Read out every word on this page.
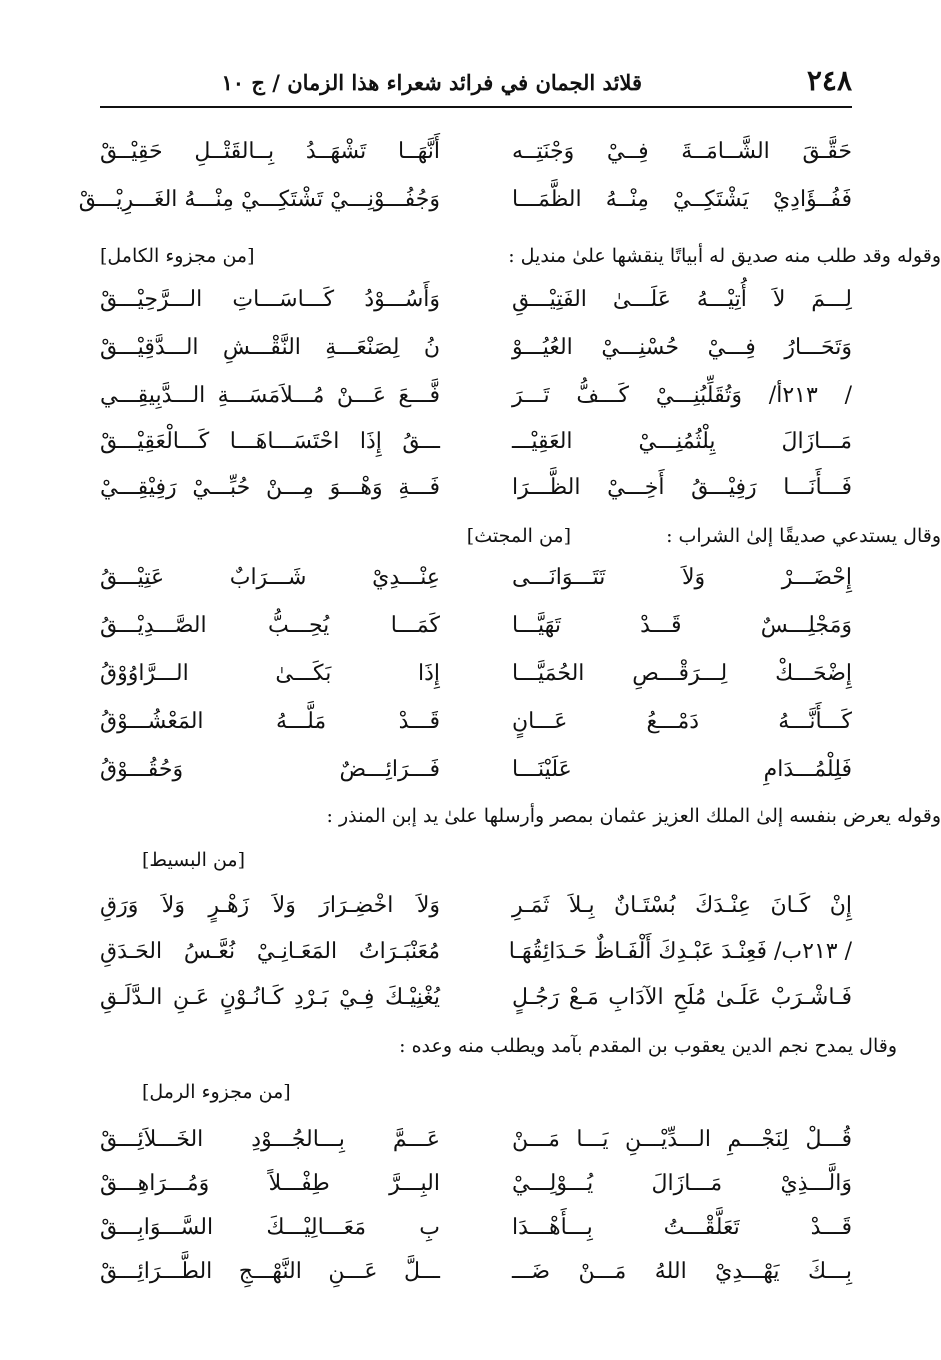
٢٤٨
قلائد الجمان في فرائد شعراء هذا الزمان / ج ١٠
حَقَّـقَ الشَّــامَــةَ فِــيْ وَجْنَتِــه
أَنَّهَــا تَشْهَــدُ بِــالقَتْــلِ حَقِيْــقْ
فَفُــؤَادِيْ يَشْتَكِــيْ مِنْــهُ الظَّمَـــا
وَجُفُـــوْنِـــيْ تَشْتَكِـــيْ مِنْـــهُ الغَـــرِيْـــقْ
وقوله وقد طلب منه صديق له أبياتًا ينقشها علىٰ منديل :
[من مجزوء الكامل]
لِـــمَ لاَ أُتِيْـــهُ عَلَـــىٰ الفَتِيْـــقِ
وَأَسُـــوْدُ كَـــاسَـــاتِ الـــرَّحِيْـــقْ
وَتَحَـــارُ فِـــيْ حُسْنِـــيْ العُيُـــوْ
نُ لِصَنْعَـــةِ النَّقْـــشِ الـــدَّقِيْـــقْ
/ ٢١٣أ/ وَتُقَلِّبُنِـــيْ كَـــفُّ تَـــرَ
فَّـــعَ عَـــنْ مُـــلاَمَسَـــةِ الـــدَّبِيقِـــي
مَـــازَالَ يِلْثُمُنِـــيْ العَقِيْـــ
ـــقُ إِذَا احْتَسَـــاهَـــا كَـــالْعَقِيْـــقْ
فَـــأَنَـــا رَفِيْـــقُ أَخِـــيْ الظَّـــرَا
فَـــةِ وَهْـــوَ مِـــنْ حُبِّـــيْ رَفِيْقِـــيْ
وقال يستدعي صديقًا إلىٰ الشراب :
[من المجتث]
إِحْضَـــرْ وَلاَ تَتَـــوَانَـــى
عِنْـــدِيْ شَـــرَابٌ عَتِيْـــقُ
وَمَجْلِـــسٌ قَـــدْ تَهَيَّـــا
كَمَـــا يُحِـــبُّ الصَّـــدِيْـــقُ
إِضْحَـــكْ لِـــرَقْـــصِ الحُمَيَّـــا
إِذَا بَكَـــىٰ الـــرَّاوُوْقُ
كَـــأَنَّـــهُ دَمْـــعُ عَـــانٍ
قَـــدْ مَلَّـــهُ المَعْشُـــوْقُ
فَلِلْمُـــدَامِ عَلَيْنَـــا
فَـــرَائِـــضٌ وَحُقُـــوْقُ
وقوله يعرض بنفسه إلىٰ الملك العزيز عثمان بمصر وأرسلها علىٰ يد إبن المنذر :
[من البسيط]
إِنْ كَـانَ عِنْـدَكَ بُسْتَـانٌ بِـلاَ ثَمَـرِ
وَلاَ اخْضِـرَارَ وَلاَ زَهْـرٍ وَلاَ وَرَقِ
/ ٢١٣ب/ فَعِنْـدَ عَبْـدِكَ أَلْفَـاظٌ حَـدَائِقُهَـا
مُعَنْبَـرَاتُ المَعَـانِـيْ نُعَّـسُ الحَـدَقِ
فَـاشْـرَبْ عَلَـىٰ مُلَحِ الآدَابِ مَـعْ رَجُـلٍ
يُغْنِيْـكَ فِـيْ بَـرْدِ كَـانُـوْنٍ عَـنِ الـدَّلَـقِ
وقال يمدح نجم الدين يعقوب بن المقدم بآمد ويطلب منه وعده :
[من مجزوء الرمل]
قُـــلْ لِنَجْـــمِ الـــدِّيْـــنِ يَـــا مَـــنْ
عَـــمَّ بِـــالجُـــوْدِ الخَـــلاَئِـــقْ
وَالَّـــذِيْ مَـــازَالَ يُـــوْلِـــيْ
البِـــرَّ طِفْـــلاً وَمُـــرَاهِـــقْ
قَـــدْ تَعَلَّقْـــتُ بِـــأَهْـــدَا
بِ مَعَـــالِيْـــكَ السَّـــوَابِـــقْ
بِـــكَ يَهْـــدِيْ اللهُ مَـــنْ ضَـــ
ـــلَّ عَـــنِ النَّهْـــجِ الطَّـــرَائِـــقْ
